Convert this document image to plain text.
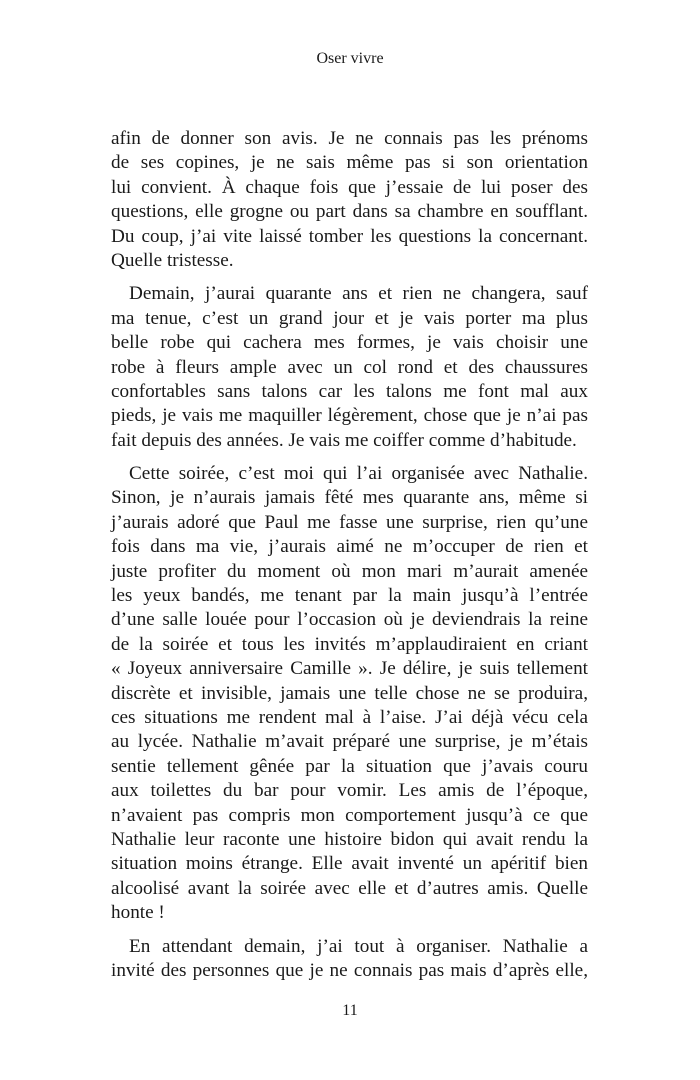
Oser vivre
afin de donner son avis. Je ne connais pas les prénoms
de ses copines, je ne sais même pas si son orientation
lui convient. À chaque fois que j’essaie de lui poser des
questions, elle grogne ou part dans sa chambre en soufflant.
Du coup, j’ai vite laissé tomber les questions la concernant.
Quelle tristesse.
Demain, j’aurai quarante ans et rien ne changera, sauf
ma tenue, c’est un grand jour et je vais porter ma plus
belle robe qui cachera mes formes, je vais choisir une
robe à fleurs ample avec un col rond et des chaussures
confortables sans talons car les talons me font mal aux
pieds, je vais me maquiller légèrement, chose que je n’ai pas
fait depuis des années. Je vais me coiffer comme d’habitude.
Cette soirée, c’est moi qui l’ai organisée avec Nathalie.
Sinon, je n’aurais jamais fêté mes quarante ans, même si
j’aurais adoré que Paul me fasse une surprise, rien qu’une
fois dans ma vie, j’aurais aimé ne m’occuper de rien et
juste profiter du moment où mon mari m’aurait amenée
les yeux bandés, me tenant par la main jusqu’à l’entrée
d’une salle louée pour l’occasion où je deviendrais la reine
de la soirée et tous les invités m’applaudiraient en criant
« Joyeux anniversaire Camille ». Je délire, je suis tellement
discrète et invisible, jamais une telle chose ne se produira,
ces situations me rendent mal à l’aise. J’ai déjà vécu cela
au lycée. Nathalie m’avait préparé une surprise, je m’étais
sentie tellement gênée par la situation que j’avais couru
aux toilettes du bar pour vomir. Les amis de l’époque,
n’avaient pas compris mon comportement jusqu’à ce que
Nathalie leur raconte une histoire bidon qui avait rendu la
situation moins étrange. Elle avait inventé un apéritif bien
alcoolisé avant la soirée avec elle et d’autres amis. Quelle
honte !
En attendant demain, j’ai tout à organiser. Nathalie a
invité des personnes que je ne connais pas mais d’après elle,
11
